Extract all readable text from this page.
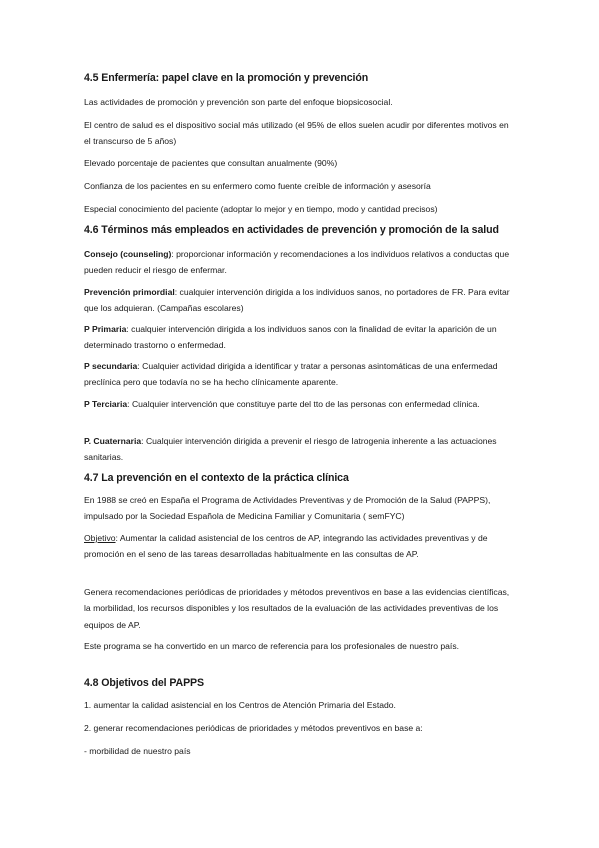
4.5 Enfermería: papel clave en la promoción y prevención

Las actividades de promoción y prevención son parte del enfoque biopsicosocial.

El centro de salud es el dispositivo social más utilizado (el 95% de ellos suelen acudir por diferentes motivos en el transcurso de 5 años)

Elevado porcentaje de pacientes que consultan anualmente (90%)

Confianza de los pacientes en su enfermero como fuente creíble de información y asesoría

Especial conocimiento del paciente (adoptar lo mejor y en tiempo, modo y cantidad precisos)

4.6 Términos más empleados en actividades de prevención y promoción de la salud

Consejo (counseling): proporcionar información y recomendaciones a los individuos relativos a conductas que pueden reducir el riesgo de enfermar.

Prevención primordial: cualquier intervención dirigida a los individuos sanos, no portadores de FR. Para evitar que los adquieran. (Campañas escolares)

P Primaria: cualquier intervención dirigida a los individuos sanos con la finalidad de evitar la aparición de un determinado trastorno o enfermedad.

P secundaria: Cualquier actividad dirigida a identificar y tratar a personas asintomáticas de una enfermedad preclínica pero que todavía no se ha hecho clínicamente aparente.

P Terciaria: Cualquier intervención que constituye parte del tto de las personas con enfermedad clínica.

P. Cuaternaria: Cualquier intervención dirigida a prevenir el riesgo de Iatrogenia inherente a las actuaciones sanitarias.

4.7 La prevención en el contexto de la práctica clínica

En 1988 se creó en España el Programa de Actividades Preventivas y de Promoción de la Salud (PAPPS), impulsado por la Sociedad Española de Medicina Familiar y Comunitaria ( semFYC)

Objetivo: Aumentar la calidad asistencial de los centros de AP, integrando las actividades preventivas y de promoción en el seno de las tareas desarrolladas habitualmente en las consultas de AP.

Genera recomendaciones periódicas de prioridades y métodos preventivos en base a las evidencias científicas, la morbilidad, los recursos disponibles y los resultados de la evaluación de las actividades preventivas de los equipos de AP.

Este programa se ha convertido en un marco de referencia para los profesionales de nuestro país.

4.8 Objetivos del PAPPS

1. aumentar la calidad asistencial en los Centros de Atención Primaria del Estado.

2. generar recomendaciones periódicas de prioridades y métodos preventivos en base a:

- morbilidad de nuestro país
